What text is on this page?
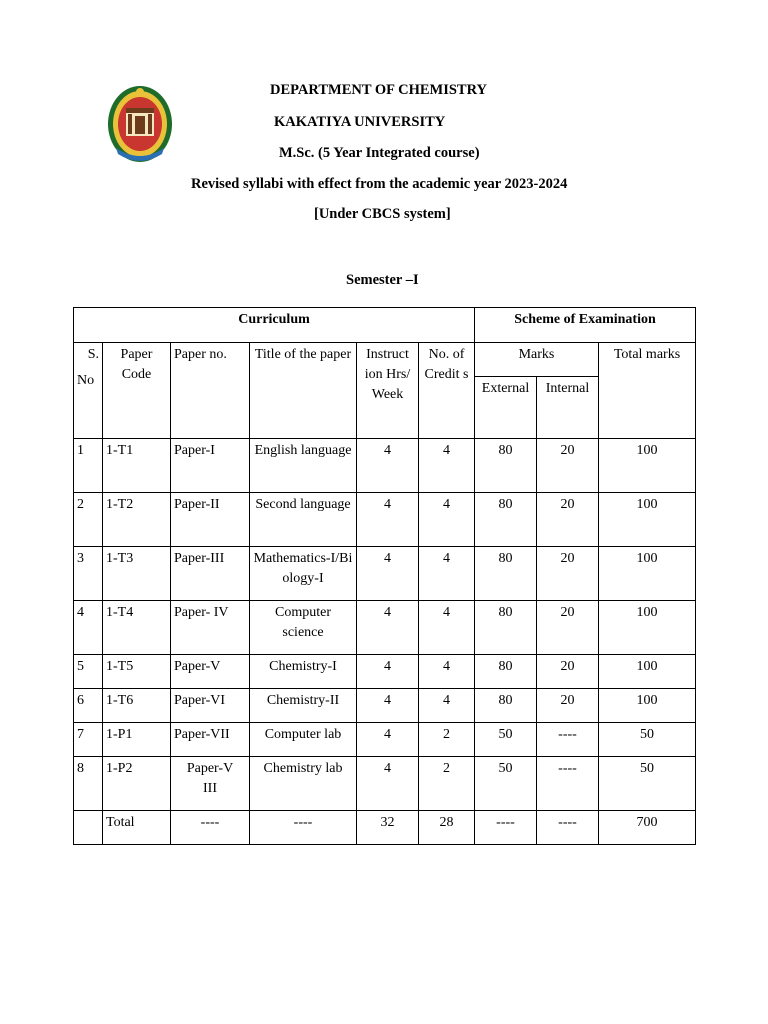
DEPARTMENT OF CHEMISTRY
KAKATIYA UNIVERSITY
M.Sc. (5 Year Integrated course)
Revised syllabi with effect from the academic year 2023-2024
[Under CBCS system]
Semester –I
Curriculum						Scheme of Examination		

S.
No	Paper Code	Paper no.	Title of the paper	Instruct ion Hrs/ Week	No. of Credit s	Marks		Total marks
						External	Internal	
1	1-T1	Paper-I	English language	4	4	80	20	100
2	1-T2	Paper-II	Second language	4	4	80	20	100
3	1-T3	Paper-III	Mathematics-I/Biology-I	4	4	80	20	100
4	1-T4	Paper- IV	Computer science	4	4	80	20	100
5	1-T5	Paper-V	Chemistry-I	4	4	80	20	100
6	1-T6	Paper-VI	Chemistry-II	4	4	80	20	100
7	1-P1	Paper-VII	Computer lab	4	2	50	----	50
8	1-P2	Paper-VIII	Chemistry lab	4	2	50	----	50
	Total	----	----	32	28	----	----	700
